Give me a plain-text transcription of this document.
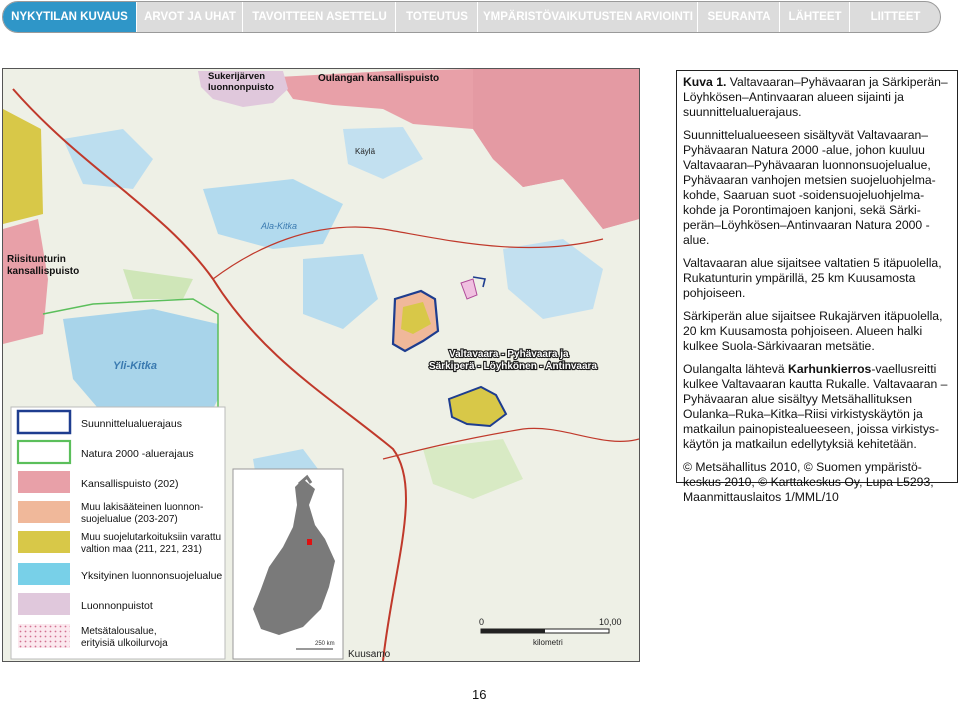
NYKYTILAN KUVAUS	ARVOT JA UHAT	TAVOITTEEN ASETTELU	TOTEUTUS	YMPÄRISTÖVAIKUTUSTEN ARVIOINTI	SEURANTA	LÄHTEET	LIITTEET
Sukerijärven
luonnonpuisto
Oulangan kansallispuisto
Riisitunturin
kansallispuisto
Yli-Kitka
Ala-Kitka
Käylä
Kuusamo
Valtavaara - Pyhävaara ja
Särkiperä - Löyhkönen - Antinvaara
Suunnittelualuerajaus
Natura 2000 -aluerajaus
Kansallispuisto (202)
Muu lakisääteinen luonnon-
suojelualue (203-207)
Muu suojelutarkoituksiin varattu
valtion maa (211, 221, 231)
Yksityinen luonnonsuojelualue
Luonnonpuistot
Metsätalousalue,
erityisiä ulkoilurvoja	250 km
0	10,00
kilometri

Kuva 1. Valtavaaran–Pyhävaaran ja Särkiperän–Löyhkösen–Antinvaaran alueen sijainti ja suunnittelualuerajaus.

Suunnittelualueeseen sisältyvät Valtavaaran–Pyhävaaran Natura 2000 -alue, johon kuuluu Valtavaaran–Pyhävaaran luonnonsuojelualue, Pyhävaaran vanhojen metsien suojeluohjelma-kohde, Saaruan suot -soidensuojeluohjelma-kohde ja Porontimajoen kanjoni, sekä Särki-perän–Löyhkösen–Antinvaaran Natura 2000 -alue.

Valtavaaran alue sijaitsee valtatien 5 itäpuolella, Rukatunturin ympärillä, 25 km Kuusamosta pohjoiseen.

Särkiperän alue sijaitsee Rukajärven itäpuolella, 20 km Kuusamosta pohjoiseen. Alueen halki kulkee Suola-Särkivaaran metsätie.

Oulangalta lähtevä Karhunkierros-vaellusreitti kulkee Valtavaaran kautta Rukalle. Valtavaaran –Pyhävaaran alue sisältyy Metsähallituksen Oulanka–Ruka–Kitka–Riisi virkistyskäytön ja matkailun painopistealueeseen, joissa virkistys-käytön ja matkailun edellytyksiä kehitetään.

© Metsähallitus 2010, © Suomen ympäristö-keskus 2010, © Karttakeskus Oy, Lupa L5293, Maanmittauslaitos 1/MML/10

16
